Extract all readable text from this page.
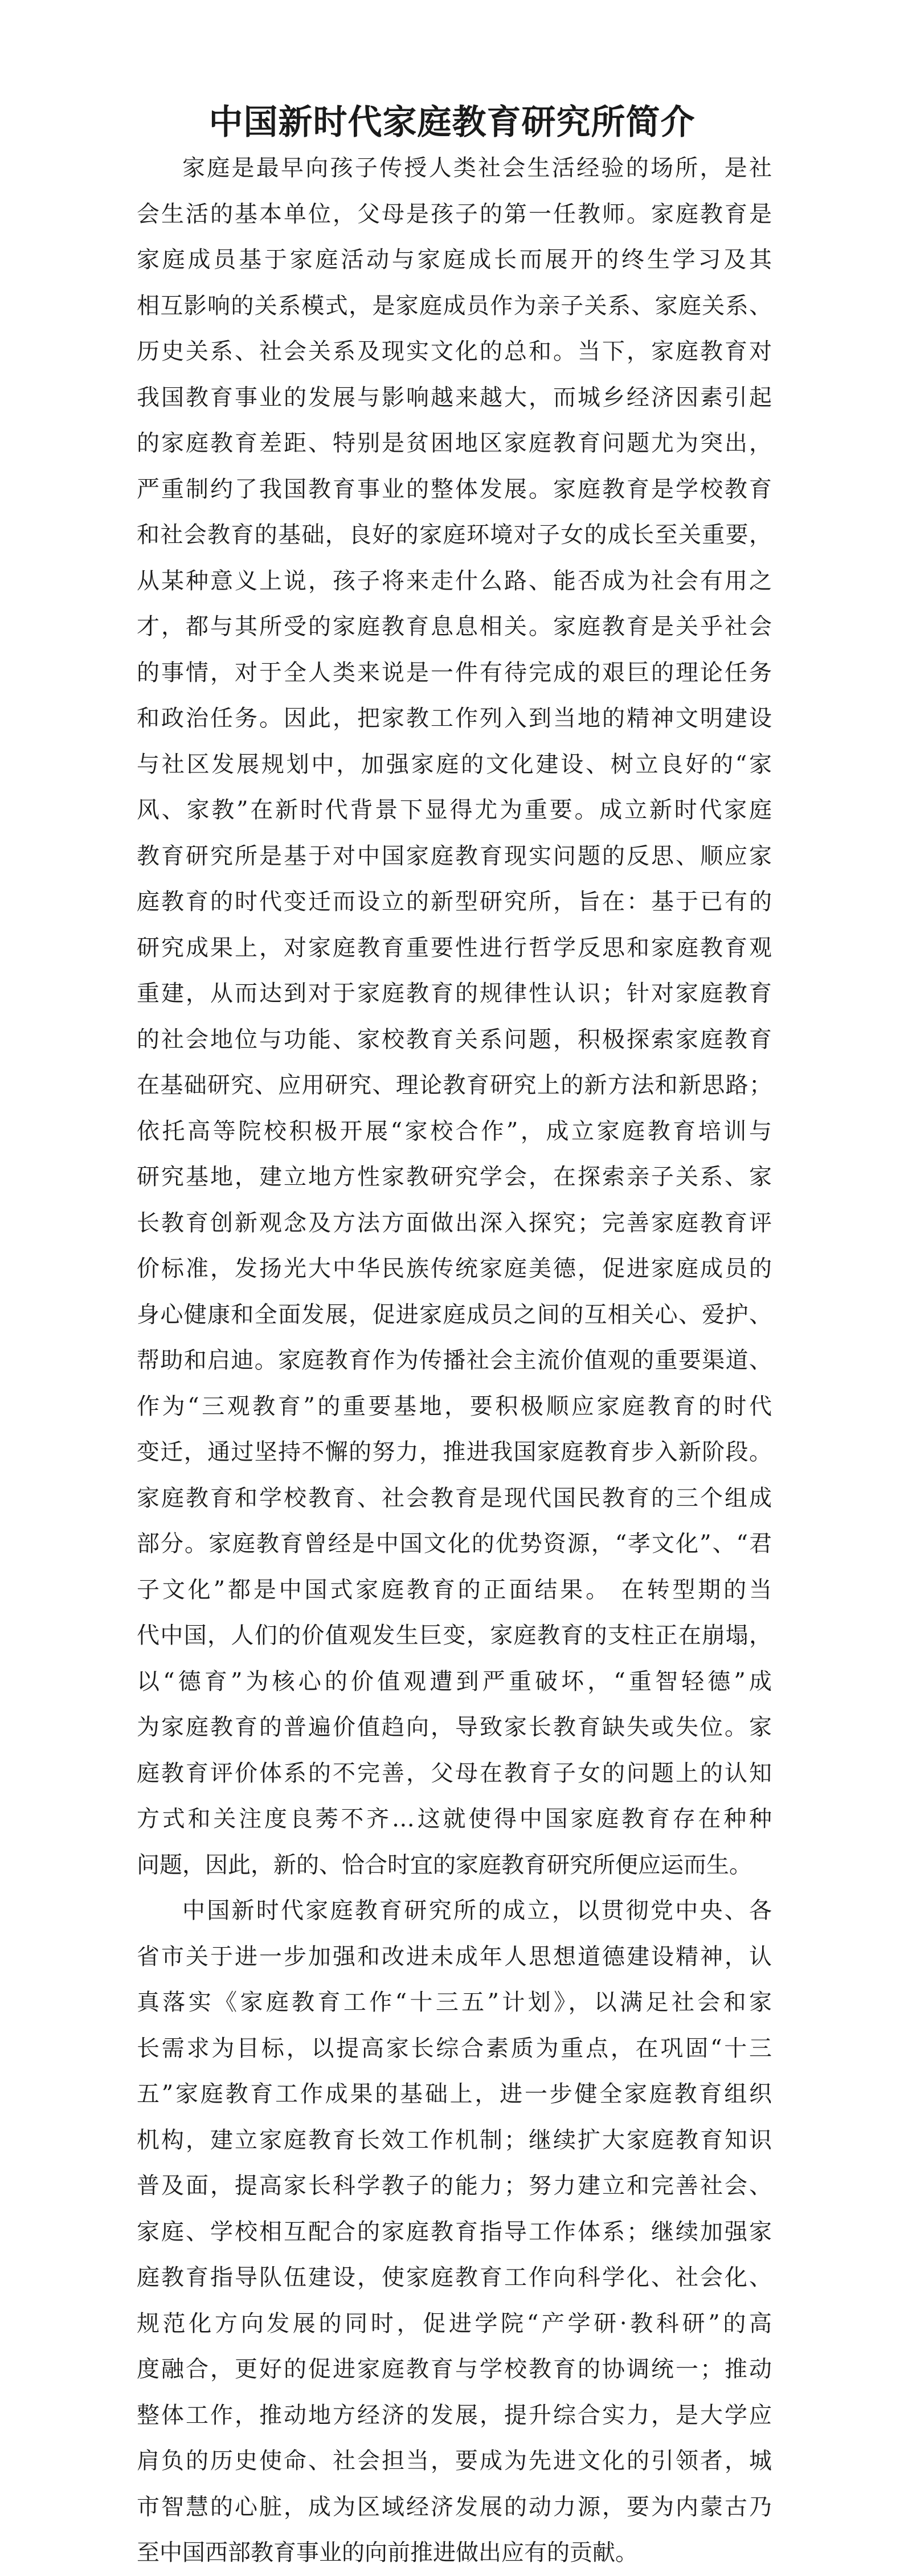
中国新时代家庭教育研究所简介
家庭是最早向孩子传授人类社会生活经验的场所，是社
会生活的基本单位，父母是孩子的第一任教师。家庭教育是
家庭成员基于家庭活动与家庭成长而展开的终生学习及其
相互影响的关系模式，是家庭成员作为亲子关系、家庭关系、
历史关系、社会关系及现实文化的总和。当下，家庭教育对
我国教育事业的发展与影响越来越大，而城乡经济因素引起
的家庭教育差距、特别是贫困地区家庭教育问题尤为突出，
严重制约了我国教育事业的整体发展。家庭教育是学校教育
和社会教育的基础，良好的家庭环境对子女的成长至关重要，
从某种意义上说，孩子将来走什么路、能否成为社会有用之
才，都与其所受的家庭教育息息相关。家庭教育是关乎社会
的事情，对于全人类来说是一件有待完成的艰巨的理论任务
和政治任务。因此，把家教工作列入到当地的精神文明建设
与社区发展规划中，加强家庭的文化建设、树立良好的“家
风、家教”在新时代背景下显得尤为重要。成立新时代家庭
教育研究所是基于对中国家庭教育现实问题的反思、顺应家
庭教育的时代变迁而设立的新型研究所，旨在：基于已有的
研究成果上，对家庭教育重要性进行哲学反思和家庭教育观
重建，从而达到对于家庭教育的规律性认识；针对家庭教育
的社会地位与功能、家校教育关系问题，积极探索家庭教育
在基础研究、应用研究、理论教育研究上的新方法和新思路；
依托高等院校积极开展“家校合作”，成立家庭教育培训与
研究基地，建立地方性家教研究学会，在探索亲子关系、家
长教育创新观念及方法方面做出深入探究；完善家庭教育评
价标准，发扬光大中华民族传统家庭美德，促进家庭成员的
身心健康和全面发展，促进家庭成员之间的互相关心、爱护、
帮助和启迪。家庭教育作为传播社会主流价值观的重要渠道、
作为“三观教育”的重要基地，要积极顺应家庭教育的时代
变迁，通过坚持不懈的努力，推进我国家庭教育步入新阶段。
家庭教育和学校教育、社会教育是现代国民教育的三个组成
部分。家庭教育曾经是中国文化的优势资源，“孝文化”、“君
子文化”都是中国式家庭教育的正面结果。 在转型期的当
代中国，人们的价值观发生巨变，家庭教育的支柱正在崩塌，
以“德育”为核心的价值观遭到严重破坏，“重智轻德”成
为家庭教育的普遍价值趋向，导致家长教育缺失或失位。家
庭教育评价体系的不完善，父母在教育子女的问题上的认知
方式和关注度良莠不齐…这就使得中国家庭教育存在种种
问题，因此，新的、恰合时宜的家庭教育研究所便应运而生。
中国新时代家庭教育研究所的成立，以贯彻党中央、各
省市关于进一步加强和改进未成年人思想道德建设精神，认
真落实《家庭教育工作“十三五”计划》，以满足社会和家
长需求为目标，以提高家长综合素质为重点，在巩固“十三
五”家庭教育工作成果的基础上，进一步健全家庭教育组织
机构，建立家庭教育长效工作机制；继续扩大家庭教育知识
普及面，提高家长科学教子的能力；努力建立和完善社会、
家庭、学校相互配合的家庭教育指导工作体系；继续加强家
庭教育指导队伍建设，使家庭教育工作向科学化、社会化、
规范化方向发展的同时，促进学院“产学研·教科研”的高
度融合，更好的促进家庭教育与学校教育的协调统一；推动
整体工作，推动地方经济的发展，提升综合实力，是大学应
肩负的历史使命、社会担当，要成为先进文化的引领者，城
市智慧的心脏，成为区域经济发展的动力源，要为内蒙古乃
至中国西部教育事业的向前推进做出应有的贡献。
